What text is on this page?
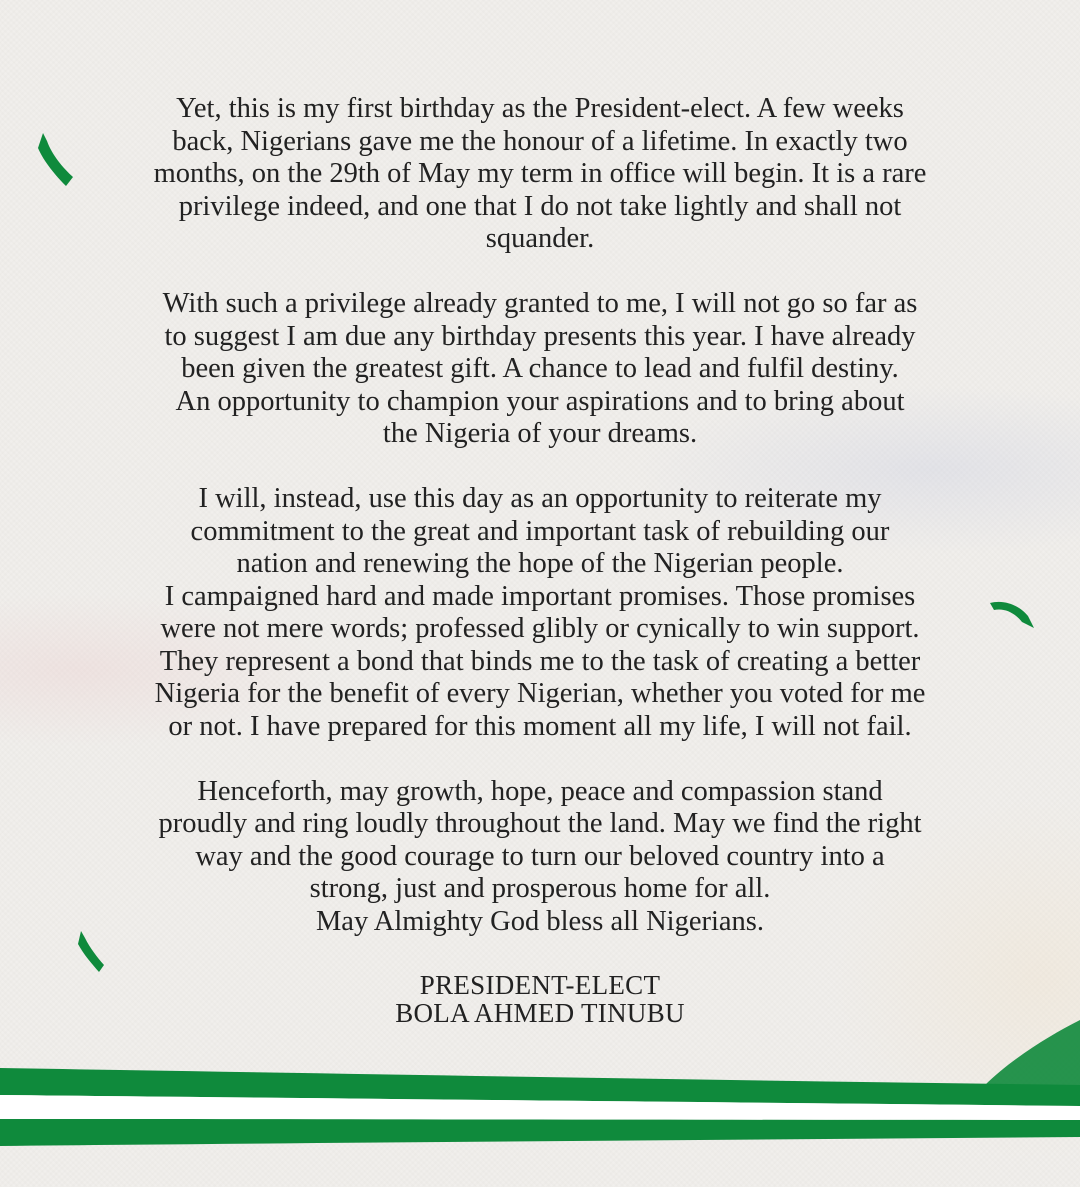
Yet, this is my first birthday as the President-elect. A few weeks
back, Nigerians gave me the honour of a lifetime. In exactly two
months, on the 29th of May my term in office will begin. It is a rare
privilege indeed, and one that I do not take lightly and shall not
squander.

With such a privilege already granted to me, I will not go so far as
to suggest I am due any birthday presents this year. I have already
been given the greatest gift. A chance to lead and fulfil destiny.
An opportunity to champion your aspirations and to bring about
the Nigeria of your dreams.

I will, instead, use this day as an opportunity to reiterate my
commitment to the great and important task of rebuilding our
nation and renewing the hope of the Nigerian people.
I campaigned hard and made important promises. Those promises
were not mere words; professed glibly or cynically to win support.
They represent a bond that binds me to the task of creating a better
Nigeria for the benefit of every Nigerian, whether you voted for me
or not. I have prepared for this moment all my life, I will not fail.

Henceforth, may growth, hope, peace and compassion stand
proudly and ring loudly throughout the land. May we find the right
way and the good courage to turn our beloved country into a
strong, just and prosperous home for all.
May Almighty God bless all Nigerians.

PRESIDENT-ELECT
BOLA AHMED TINUBU
